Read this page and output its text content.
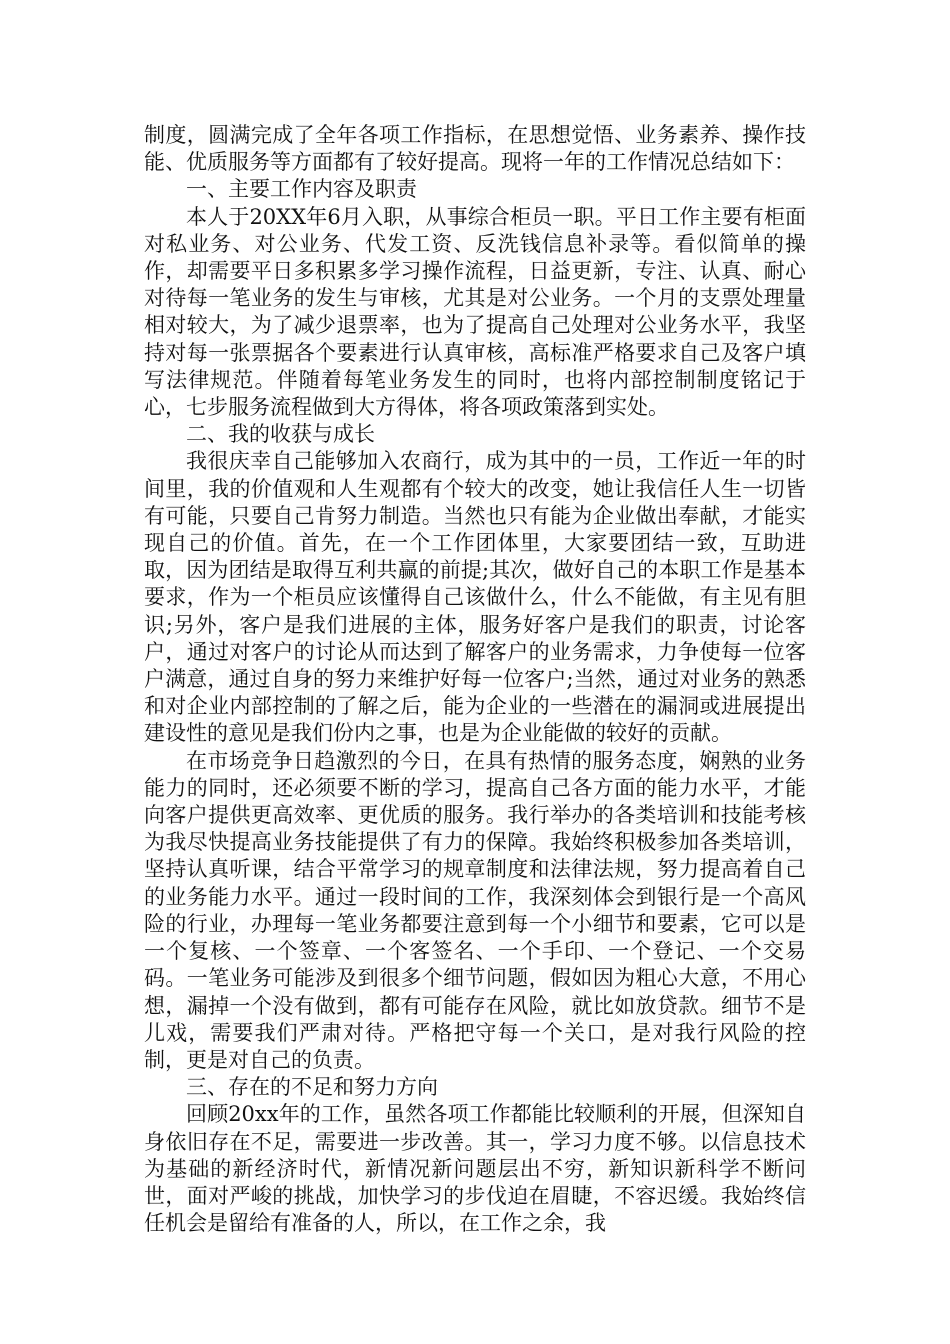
制度，圆满完成了全年各项工作指标，在思想觉悟、业务素养、操作技能、优质服务等方面都有了较好提高。现将一年的工作情况总结如下：

一、主要工作内容及职责

本人于20XX年6月入职，从事综合柜员一职。平日工作主要有柜面对私业务、对公业务、代发工资、反洗钱信息补录等。看似简单的操作，却需要平日多积累多学习操作流程，日益更新，专注、认真、耐心对待每一笔业务的发生与审核，尤其是对公业务。一个月的支票处理量相对较大，为了减少退票率，也为了提高自己处理对公业务水平，我坚持对每一张票据各个要素进行认真审核，高标准严格要求自己及客户填写法律规范。伴随着每笔业务发生的同时，也将内部控制制度铭记于心，七步服务流程做到大方得体，将各项政策落到实处。

二、我的收获与成长

我很庆幸自己能够加入农商行，成为其中的一员，工作近一年的时间里，我的价值观和人生观都有个较大的改变，她让我信任人生一切皆有可能，只要自己肯努力制造。当然也只有能为企业做出奉献，才能实现自己的价值。首先，在一个工作团体里，大家要团结一致，互助进取，因为团结是取得互利共赢的前提;其次，做好自己的本职工作是基本要求，作为一个柜员应该懂得自己该做什么，什么不能做，有主见有胆识;另外，客户是我们进展的主体，服务好客户是我们的职责，讨论客户，通过对客户的讨论从而达到了解客户的业务需求，力争使每一位客户满意，通过自身的努力来维护好每一位客户;当然，通过对业务的熟悉和对企业内部控制的了解之后，能为企业的一些潜在的漏洞或进展提出建设性的意见是我们份内之事，也是为企业能做的较好的贡献。

在市场竞争日趋激烈的今日，在具有热情的服务态度，娴熟的业务能力的同时，还必须要不断的学习，提高自己各方面的能力水平，才能向客户提供更高效率、更优质的服务。我行举办的各类培训和技能考核为我尽快提高业务技能提供了有力的保障。我始终积极参加各类培训，坚持认真听课，结合平常学习的规章制度和法律法规，努力提高着自己的业务能力水平。通过一段时间的工作，我深刻体会到银行是一个高风险的行业，办理每一笔业务都要注意到每一个小细节和要素，它可以是一个复核、一个签章、一个客签名、一个手印、一个登记、一个交易码。一笔业务可能涉及到很多个细节问题，假如因为粗心大意，不用心想，漏掉一个没有做到，都有可能存在风险，就比如放贷款。细节不是儿戏，需要我们严肃对待。严格把守每一个关口，是对我行风险的控制，更是对自己的负责。

三、存在的不足和努力方向

回顾20xx年的工作，虽然各项工作都能比较顺利的开展，但深知自身依旧存在不足，需要进一步改善。其一，学习力度不够。以信息技术为基础的新经济时代，新情况新问题层出不穷，新知识新科学不断问世，面对严峻的挑战，加快学习的步伐迫在眉睫，不容迟缓。我始终信任机会是留给有准备的人，所以，在工作之余，我
